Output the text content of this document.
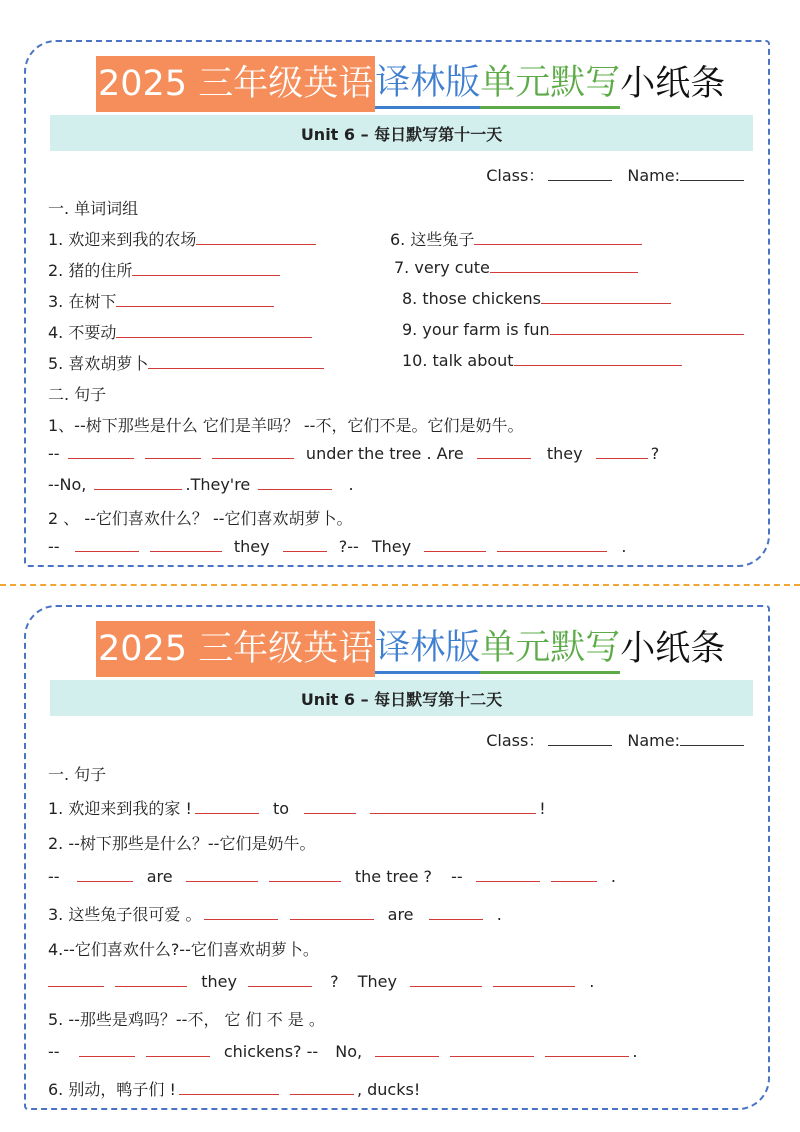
2025 三年级英语 译林版 单元默写 小纸条
Unit 6 – 每日默写第十一天
Class：	Name:
一. 单词词组
1. 欢迎来到我的农场
2. 猪的住所
3. 在树下
4. 不要动
5. 喜欢胡萝卜
6. 这些兔子
7. very cute
8. those chickens
9. your farm is fun
10. talk about
二. 句子
1、--树下那些是什么 它们是羊吗？ --不，它们不是。它们是奶牛。
--	under the tree . Are	they	?
--No,	.They're	.
2 、 --它们喜欢什么？ --它们喜欢胡萝卜。
--	they	?-- They	.
2025 三年级英语 译林版 单元默写 小纸条
Unit 6 – 每日默写第十二天
Class：	Name:
一. 句子
1. 欢迎来到我的家 !	to	!
2. --树下那些是什么？--它们是奶牛。
--	are	the tree ? --	.
3. 这些兔子很可爱 。	are	.
4.--它们喜欢什么?--它们喜欢胡萝卜。
they	? They	.
5. --那些是鸡吗？--不， 它 们 不 是 。
--	chickens? -- No,	.
6. 别动，鸭子们 !	, ducks!
